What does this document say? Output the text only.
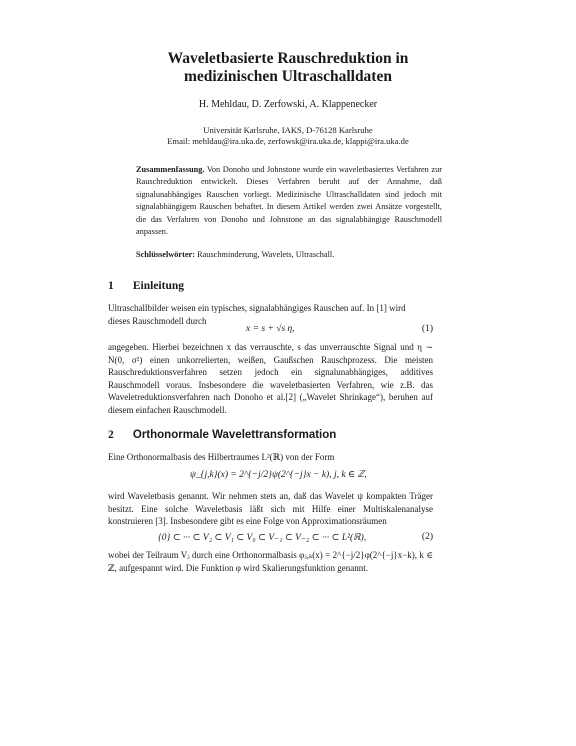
Waveletbasierte Rauschreduktion in
medizinischen Ultraschalldaten
H. Mehldau, D. Zerfowski, A. Klappenecker
Universität Karlsruhe, IAKS, D-76128 Karlsruhe
Email: mehldau@ira.uka.de, zerfowsk@ira.uka.de, klappi@ira.uka.de
Zusammenfassung. Von Donoho und Johnstone wurde ein waveletbasiertes Verfahren zur Rauschreduktion entwickelt. Dieses Verfahren beruht auf der Annahme, daß signalunabhängiges Rauschen vorliegt. Medizinische Ultraschalldaten sind jedoch mit signalabhängigem Rauschen behaftet. In diesem Artikel werden zwei Ansätze vorgestellt, die das Verfahren von Donoho und Johnstone an das signalabhängige Rauschmodell anpassen.
Schlüsselwörter: Rauschminderung, Wavelets, Ultraschall.
1 Einleitung
Ultraschallbilder weisen ein typisches, signalabhängiges Rauschen auf. In [1] wird
dieses Rauschmodell durch
x = s + √s η,	(1)
angegeben. Hierbei bezeichnen x das verrauschte, s das unverrauschte Signal und η ∼ N(0, σ²) einen unkorrelierten, weißen, Gaußschen Rauschprozess. Die meisten Rauschreduktionsverfahren setzen jedoch ein signalunabhängiges, additives Rauschmodell voraus. Insbesondere die waveletbasierten Verfahren, wie z.B. das Waveletreduktionsverfahren nach Donoho et al.[2] („Wavelet Shrinkage“), beruhen auf diesem einfachen Rauschmodell.
2 Orthonormale Wavelettransformation
Eine Orthonormalbasis des Hilbertraumes L²(ℝ) von der Form
ψ_{j,k}(x) = 2^{−j/2}ψ(2^{−j}x − k), j, k ∈ ℤ,
wird Waveletbasis genannt. Wir nehmen stets an, daß das Wavelet ψ kompakten Träger besitzt. Eine solche Waveletbasis läßt sich mit Hilfe einer Multiskalenanalyse konstruieren [3]. Insbesondere gibt es eine Folge von Approximationsräumen
{0} ⊂ ··· ⊂ V₂ ⊂ V₁ ⊂ V₀ ⊂ V₋₁ ⊂ V₋₂ ⊂ ··· ⊂ L²(ℝ),	(2)
wobei der Teilraum Vⱼ durch eine Orthonormalbasis φⱼ,ₖ(x) = 2^{−j/2}φ(2^{−j}x−k), k ∈ ℤ, aufgespannt wird. Die Funktion φ wird Skalierungsfunktion genannt.
